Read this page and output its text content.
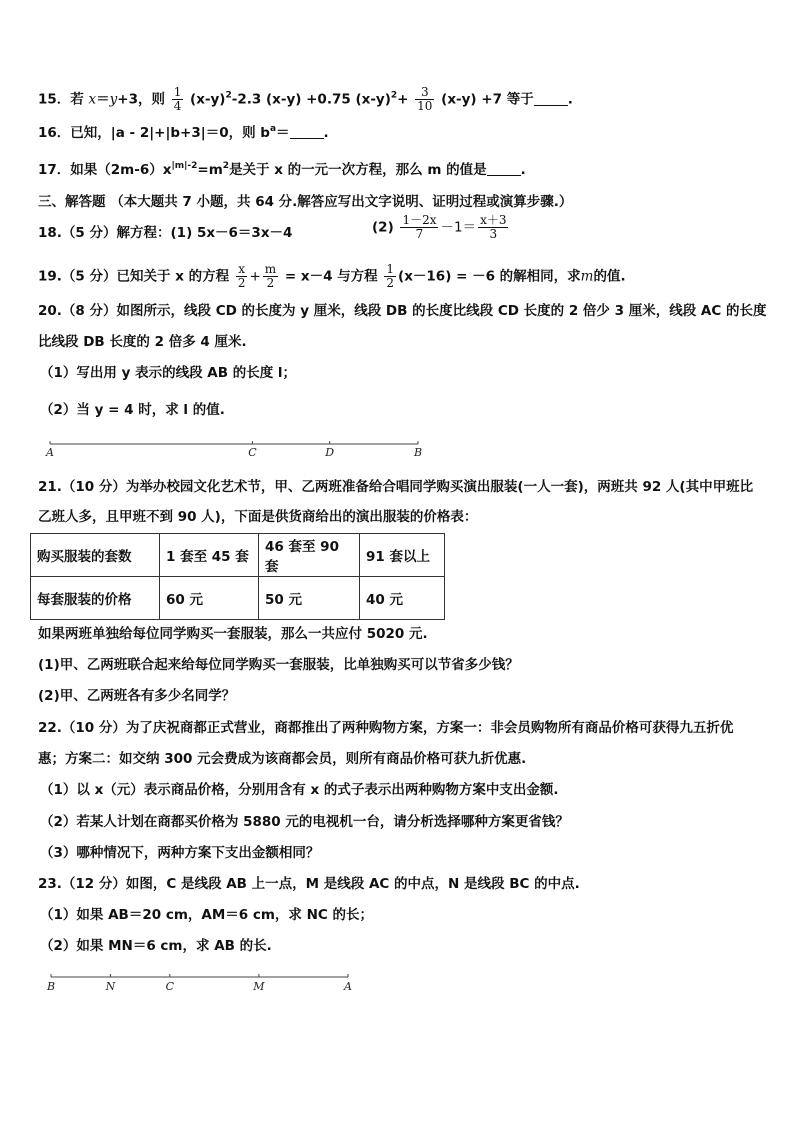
15．若 x＝y+3，则 $\frac{1}{4} (x-y)^2-2.3$ (x-y) +0.75 $(x-y)^2+ \frac{3}{10} (x-y) +7$ 等于	.
16．已知，|a - 2|+|b+3|＝0，则 $b^a=$	.
17．如果$(2m-6)x^{|m|-2}=m^2$是关于 x 的一元一次方程，那么 m 的值是	.
三、解答题 （本大题共 7 小题，共 64 分.解答应写出文字说明、证明过程或演算步骤.）
18.（5 分）解方程：(1) 5x－6＝3x－4	$(2) \frac{1-2x}{7} -1= \frac{x+3}{3}$
19.（5 分）已知关于 x 的方程 $\frac{x}{2} + \frac{m}{2} = x-4$ 与方程 $\frac{1}{2} (x-16) = -6$ 的解相同，求m的值.
20.（8 分）如图所示，线段 CD 的长度为 y 厘米，线段 DB 的长度比线段 CD 长度的 2 倍少 3 厘米，线段 AC 的长度
比线段 DB 长度的 2 倍多 4 厘米.
（1）写出用 y 表示的线段 AB 的长度 l；
（2）当 y = 4 时，求 l 的值.
A	C	D	B
21.（10 分）为举办校园文化艺术节，甲、乙两班准备给合唱同学购买演出服装(一人一套)，两班共 92 人(其中甲班比
乙班人多，且甲班不到 90 人)，下面是供货商给出的演出服装的价格表：
购买服装的套数	1 套至 45 套	46 套至 90 套	91 套以上
每套服装的价格	60 元	50 元	40 元
如果两班单独给每位同学购买一套服装，那么一共应付 5020 元.
(1)甲、乙两班联合起来给每位同学购买一套服装，比单独购买可以节省多少钱？
(2)甲、乙两班各有多少名同学？
22.（10 分）为了庆祝商都正式营业，商都推出了两种购物方案，方案一：非会员购物所有商品价格可获得九五折优
惠；方案二：如交纳 300 元会费成为该商都会员，则所有商品价格可获九折优惠.
（1）以 x（元）表示商品价格，分别用含有 x 的式子表示出两种购物方案中支出金额.
（2）若某人计划在商都买价格为 5880 元的电视机一台，请分析选择哪种方案更省钱？
（3）哪种情况下，两种方案下支出金额相同？
23.（12 分）如图，C 是线段 AB 上一点，M 是线段 AC 的中点，N 是线段 BC 的中点.
（1）如果 AB＝20 cm，AM＝6 cm，求 NC 的长；
（2）如果 MN＝6 cm，求 AB 的长.
B	N	C	M	A
